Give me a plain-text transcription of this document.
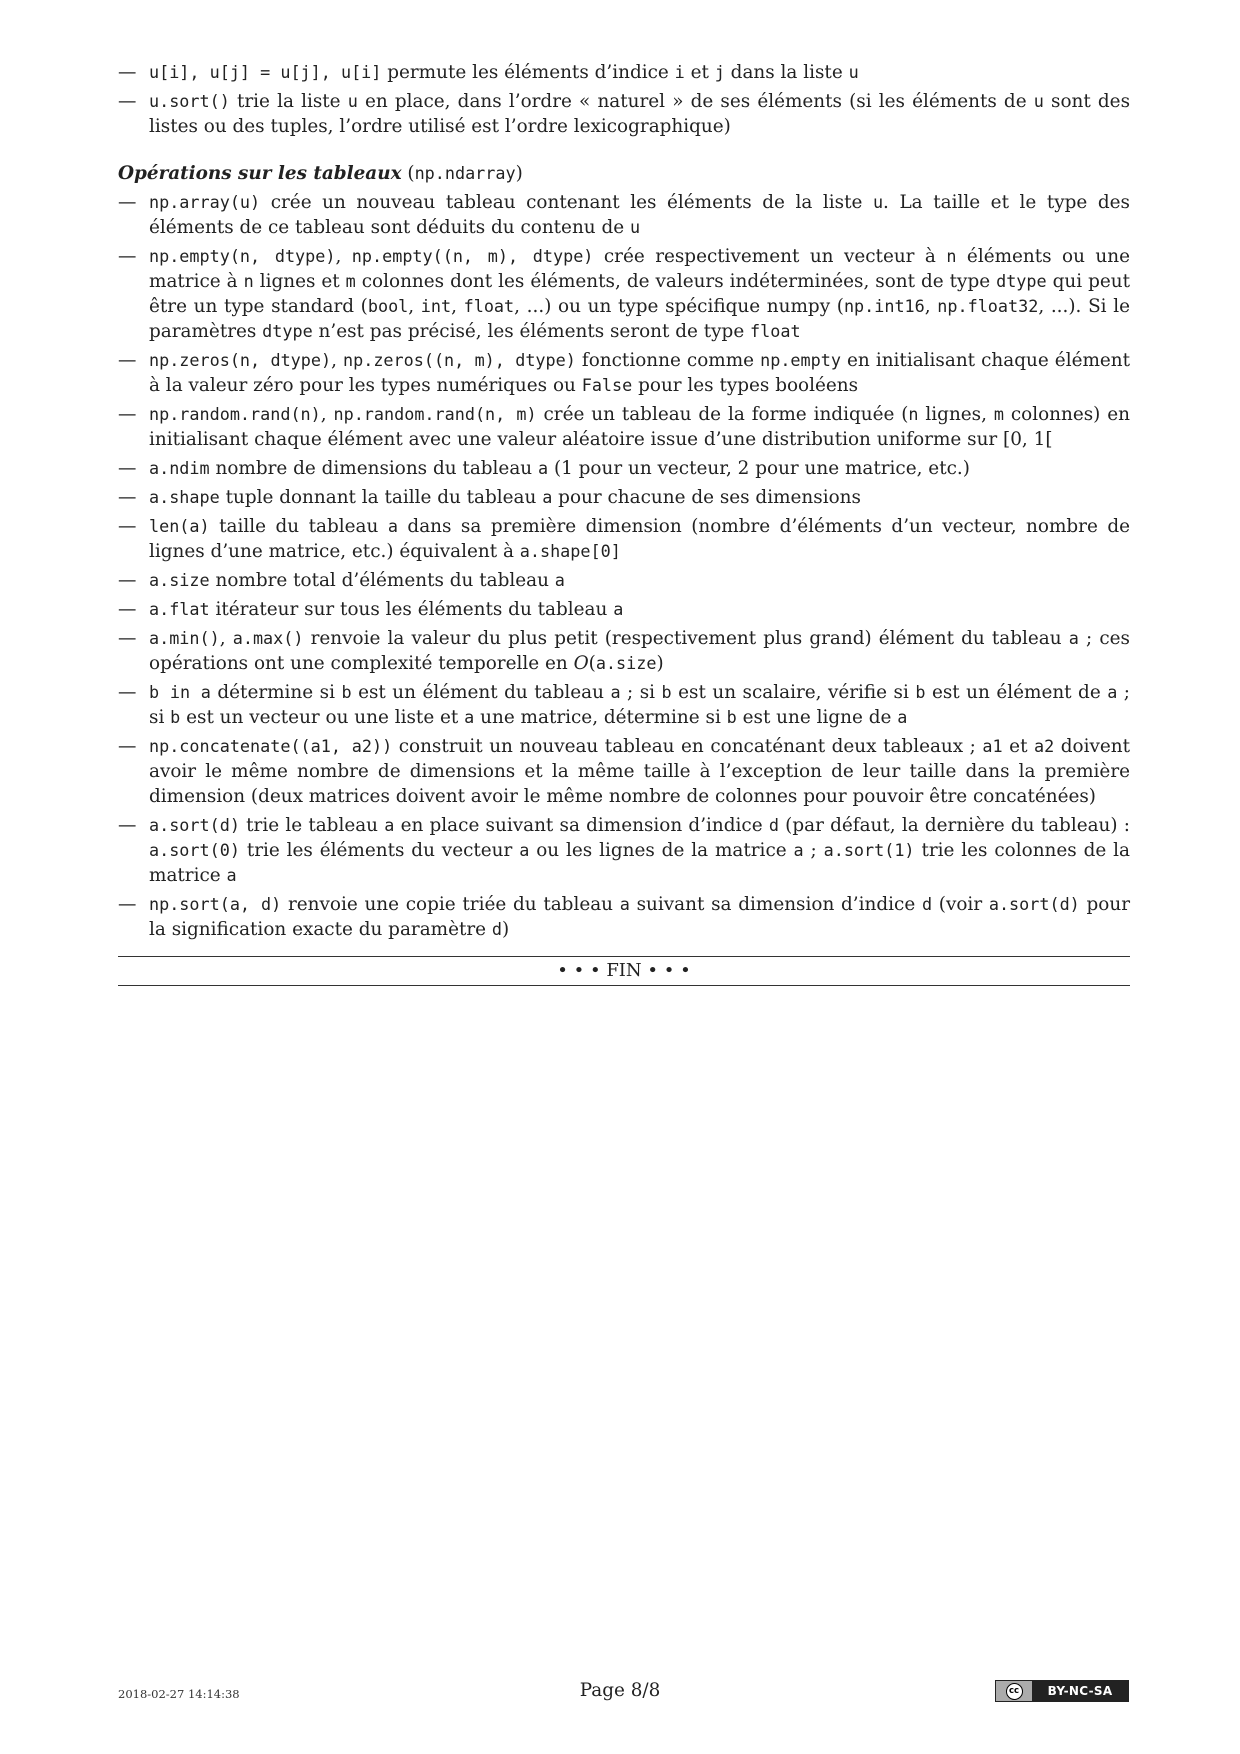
— u[i], u[j] = u[j], u[i] permute les éléments d’indice i et j dans la liste u
— u.sort() trie la liste u en place, dans l’ordre « naturel » de ses éléments (si les éléments de u sont des listes ou des tuples, l’ordre utilisé est l’ordre lexicographique)
Opérations sur les tableaux (np.ndarray)
— np.array(u) crée un nouveau tableau contenant les éléments de la liste u. La taille et le type des éléments de ce tableau sont déduits du contenu de u
— np.empty(n, dtype), np.empty((n, m), dtype) crée respectivement un vecteur à n éléments ou une matrice à n lignes et m colonnes dont les éléments, de valeurs indéterminées, sont de type dtype qui peut être un type standard (bool, int, float, ...) ou un type spécifique numpy (np.int16, np.float32, ...). Si le paramètres dtype n’est pas précisé, les éléments seront de type float
— np.zeros(n, dtype), np.zeros((n, m), dtype) fonctionne comme np.empty en initialisant chaque élément à la valeur zéro pour les types numériques ou False pour les types booléens
— np.random.rand(n), np.random.rand(n, m) crée un tableau de la forme indiquée (n lignes, m colonnes) en initialisant chaque élément avec une valeur aléatoire issue d’une distribution uniforme sur [0, 1[
— a.ndim nombre de dimensions du tableau a (1 pour un vecteur, 2 pour une matrice, etc.)
— a.shape tuple donnant la taille du tableau a pour chacune de ses dimensions
— len(a) taille du tableau a dans sa première dimension (nombre d’éléments d’un vecteur, nombre de lignes d’une matrice, etc.) équivalent à a.shape[0]
— a.size nombre total d’éléments du tableau a
— a.flat itérateur sur tous les éléments du tableau a
— a.min(), a.max() renvoie la valeur du plus petit (respectivement plus grand) élément du tableau a ; ces opérations ont une complexité temporelle en O(a.size)
— b in a détermine si b est un élément du tableau a ; si b est un scalaire, vérifie si b est un élément de a ; si b est un vecteur ou une liste et a une matrice, détermine si b est une ligne de a
— np.concatenate((a1, a2)) construit un nouveau tableau en concaténant deux tableaux ; a1 et a2 doivent avoir le même nombre de dimensions et la même taille à l’exception de leur taille dans la première dimension (deux matrices doivent avoir le même nombre de colonnes pour pouvoir être concaténées)
— a.sort(d) trie le tableau a en place suivant sa dimension d’indice d (par défaut, la dernière du tableau) : a.sort(0) trie les éléments du vecteur a ou les lignes de la matrice a ; a.sort(1) trie les colonnes de la matrice a
— np.sort(a, d) renvoie une copie triée du tableau a suivant sa dimension d’indice d (voir a.sort(d) pour la signification exacte du paramètre d)
• • • FIN • • •
2018-02-27 14:14:38	Page 8/8	cc	BY-NC-SA
